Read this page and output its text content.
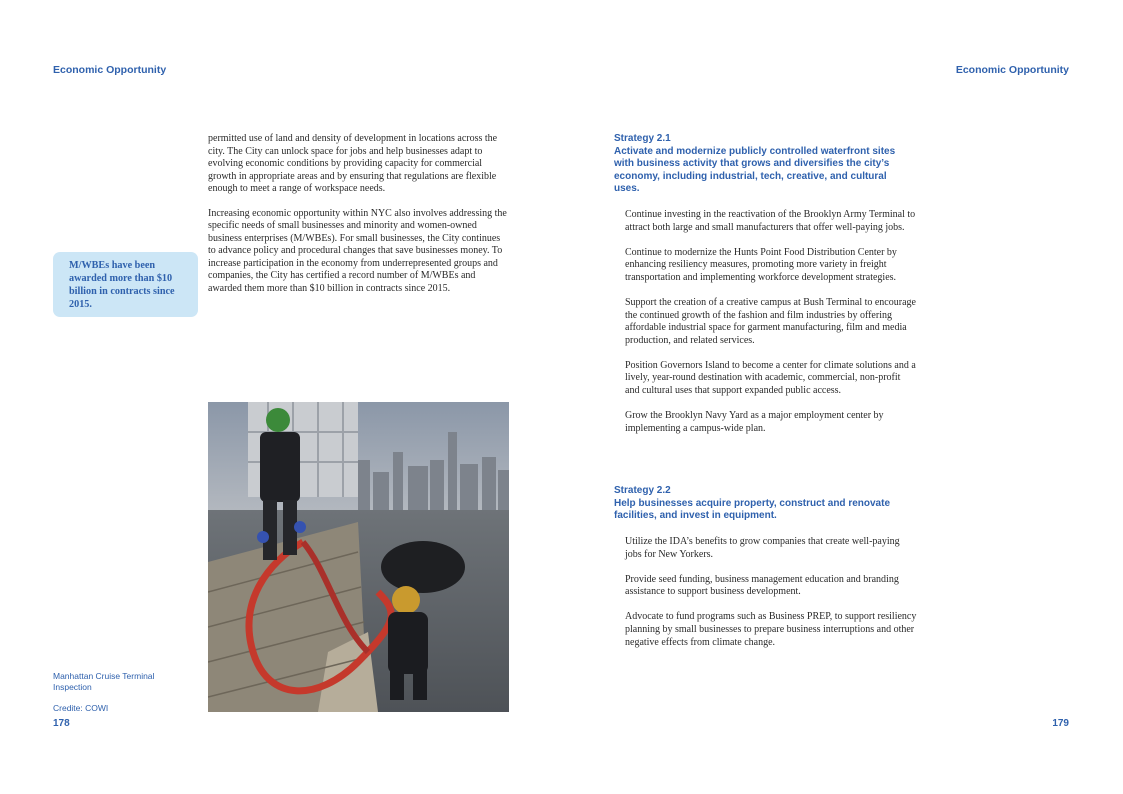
Economic Opportunity	Economic Opportunity

permitted use of land and density of development in locations across the city. The City can unlock space for jobs and help businesses adapt to evolving economic conditions by providing capacity for commercial growth in appropriate areas and by ensuring that regulations are flexible enough to meet a range of workspace needs.

Increasing economic opportunity within NYC also involves addressing the specific needs of small businesses and minority and women-owned business enterprises (M/WBEs). For small businesses, the City continues to advance policy and procedural changes that save businesses money. To increase participation in the economy from underrepresented groups and companies, the City has certified a record number of M/WBEs and awarded them more than $10 billion in contracts since 2015.

M/WBEs have been awarded more than $10 billion in contracts since 2015.
Manhattan Cruise Terminal Inspection
Credite: COWI
178	179
Strategy 2.1
Activate and modernize publicly controlled waterfront sites with business activity that grows and diversifies the city’s economy, including industrial, tech, creative, and cultural uses.

Continue investing in the reactivation of the Brooklyn Army Terminal to attract both large and small manufacturers that offer well-paying jobs.

Continue to modernize the Hunts Point Food Distribution Center by enhancing resiliency measures, promoting more variety in freight transportation and implementing workforce development strategies.

Support the creation of a creative campus at Bush Terminal to encourage the continued growth of the fashion and film industries by offering affordable industrial space for garment manufacturing, film and media production, and related services.

Position Governors Island to become a center for climate solutions and a lively, year-round destination with academic, commercial, non-profit and cultural uses that support expanded public access.

Grow the Brooklyn Navy Yard as a major employment center by implementing a campus-wide plan.

Strategy 2.2
Help businesses acquire property, construct and renovate facilities, and invest in equipment.

Utilize the IDA’s benefits to grow companies that create well-paying jobs for New Yorkers.

Provide seed funding, business management education and branding assistance to support business development.

Advocate to fund programs such as Business PREP, to support resiliency planning by small businesses to prepare business interruptions and other negative effects from climate change.
